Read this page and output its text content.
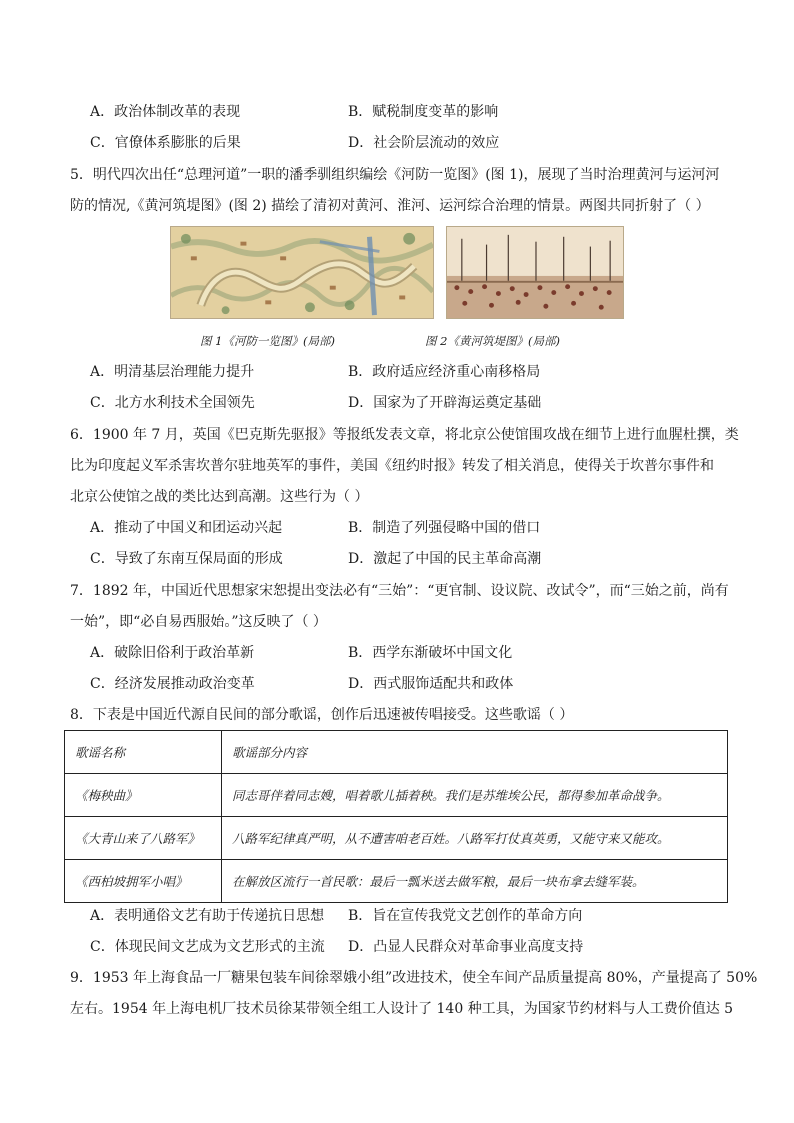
A．政治体制改革的表现	B．赋税制度变革的影响
C．官僚体系膨胀的后果	D．社会阶层流动的效应
5．明代四次出任“总理河道”一职的潘季驯组织编绘《河防一览图》(图 1)，展现了当时治理黄河与运河河
防的情况,《黄河筑堤图》(图 2) 描绘了清初对黄河、淮河、运河综合治理的情景。两图共同折射了（ ）
图 1《河防一览图》(局部)	图 2《黄河筑堤图》(局部)
A．明清基层治理能力提升	B．政府适应经济重心南移格局
C．北方水利技术全国领先	D．国家为了开辟海运奠定基础
6．1900 年 7 月，英国《巴克斯先驱报》等报纸发表文章，将北京公使馆围攻战在细节上进行血腥杜撰，类
比为印度起义军杀害坎普尔驻地英军的事件，美国《纽约时报》转发了相关消息，使得关于坎普尔事件和
北京公使馆之战的类比达到高潮。这些行为（ ）
A．推动了中国义和团运动兴起	B．制造了列强侵略中国的借口
C．导致了东南互保局面的形成	D．激起了中国的民主革命高潮
7．1892 年，中国近代思想家宋恕提出变法必有“三始”：“更官制、设议院、改试令”，而“三始之前，尚有
一始”，即“必自易西服始。”这反映了（ ）
A．破除旧俗利于政治革新	B．西学东渐破坏中国文化
C．经济发展推动政治变革	D．西式服饰适配共和政体
8．下表是中国近代源自民间的部分歌谣，创作后迅速被传唱接受。这些歌谣（ ）
歌谣名称	歌谣部分内容
《梅秧曲》	同志哥伴着同志嫂，唱着歌儿插着秧。我们是苏维埃公民，都得参加革命战争。
《大青山来了八路军》	八路军纪律真严明，从不遭害咱老百姓。八路军打仗真英勇，又能守来又能攻。
《西柏坡拥军小唱》	在解放区流行一首民歌：最后一瓢米送去做军粮，最后一块布拿去缝军装。
A．表明通俗文艺有助于传递抗日思想 B．旨在宣传我党文艺创作的革命方向
C．体现民间文艺成为文艺形式的主流 D．凸显人民群众对革命事业高度支持
9．1953 年上海食品一厂糖果包装车间徐翠娥小组”改进技术，使全车间产品质量提高 80%，产量提高了 50%
左右。1954 年上海电机厂技术员徐某带领全组工人设计了 140 种工具，为国家节约材料与人工费价值达 5
